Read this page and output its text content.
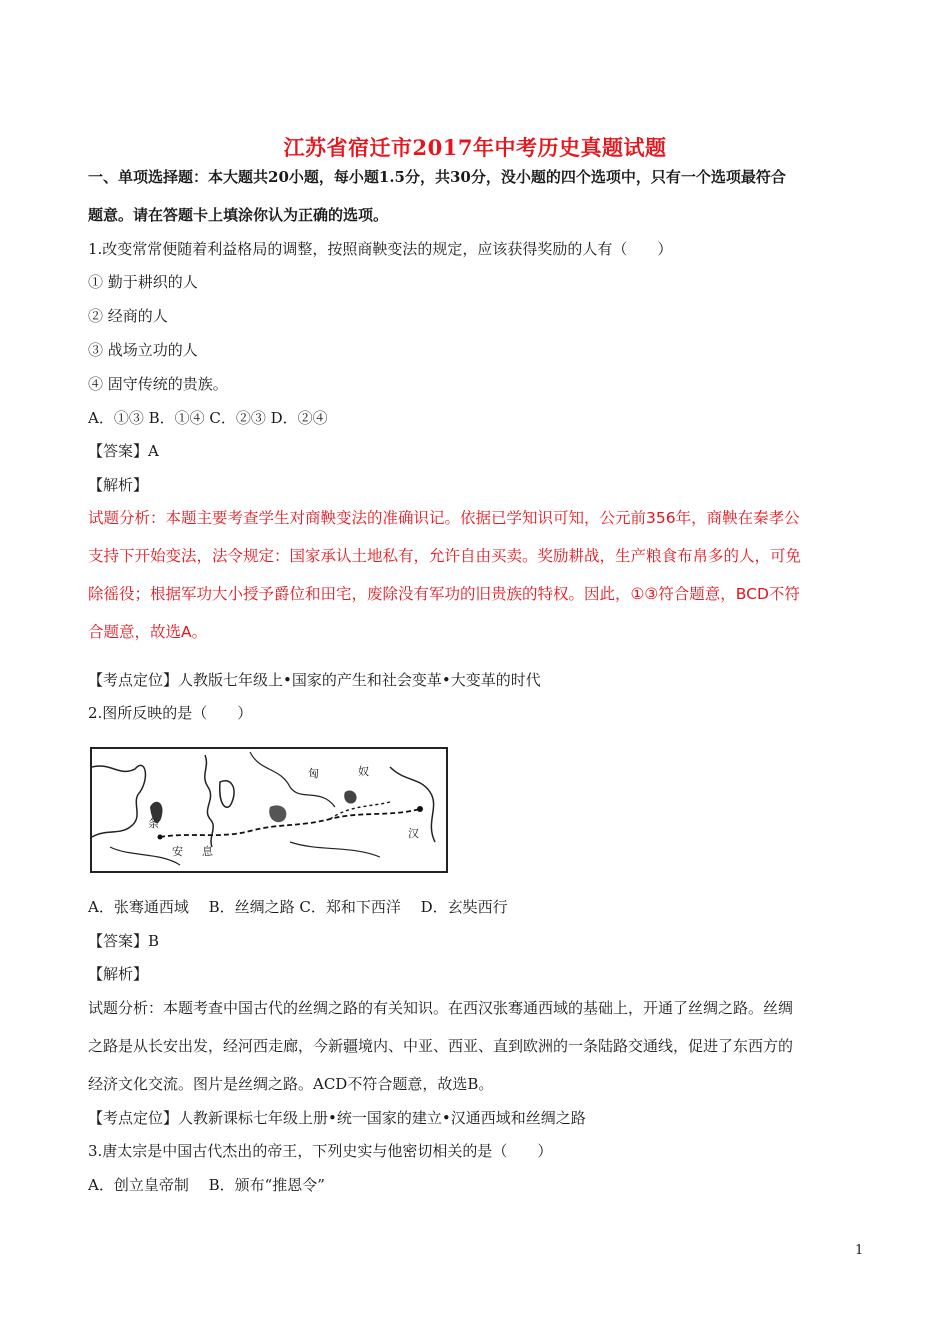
江苏省宿迁市2017年中考历史真题试题
一、单项选择题：本大题共20小题，每小题1.5分，共30分，没小题的四个选项中，只有一个选项最符合
题意。请在答题卡上填涂你认为正确的选项。
1.改变常常便随着利益格局的调整，按照商鞅变法的规定，应该获得奖励的人有（　　）
① 勤于耕织的人
② 经商的人
③ 战场立功的人
④ 固守传统的贵族。
A．①③ B．①④ C．②③ D．②④
【答案】A
【解析】
试题分析：本题主要考查学生对商鞅变法的准确识记。依据已学知识可知，公元前356年，商鞅在秦孝公
支持下开始变法，法令规定：国家承认土地私有，允许自由买卖。奖励耕战，生产粮食布帛多的人，可免
除徭役；根据军功大小授予爵位和田宅，废除没有军功的旧贵族的特权。因此，①③符合题意，BCD不符
合题意，故选A。
【考点定位】人教版七年级上•国家的产生和社会变革•大变革的时代
2.图所反映的是（　　）
匈	奴
安 息
汉
条
A．张骞通西域　 B．丝绸之路 C．郑和下西洋　 D．玄奘西行
【答案】B
【解析】
试题分析：本题考查中国古代的丝绸之路的有关知识。在西汉张骞通西域的基础上，开通了丝绸之路。丝绸
之路是从长安出发，经河西走廊，今新疆境内、中亚、西亚、直到欧洲的一条陆路交通线，促进了东西方的
经济文化交流。图片是丝绸之路。ACD不符合题意，故选B。
【考点定位】人教新课标七年级上册•统一国家的建立•汉通西域和丝绸之路
3.唐太宗是中国古代杰出的帝王，下列史实与他密切相关的是（　　）
A．创立皇帝制　 B．颁布“推恩令”
1
